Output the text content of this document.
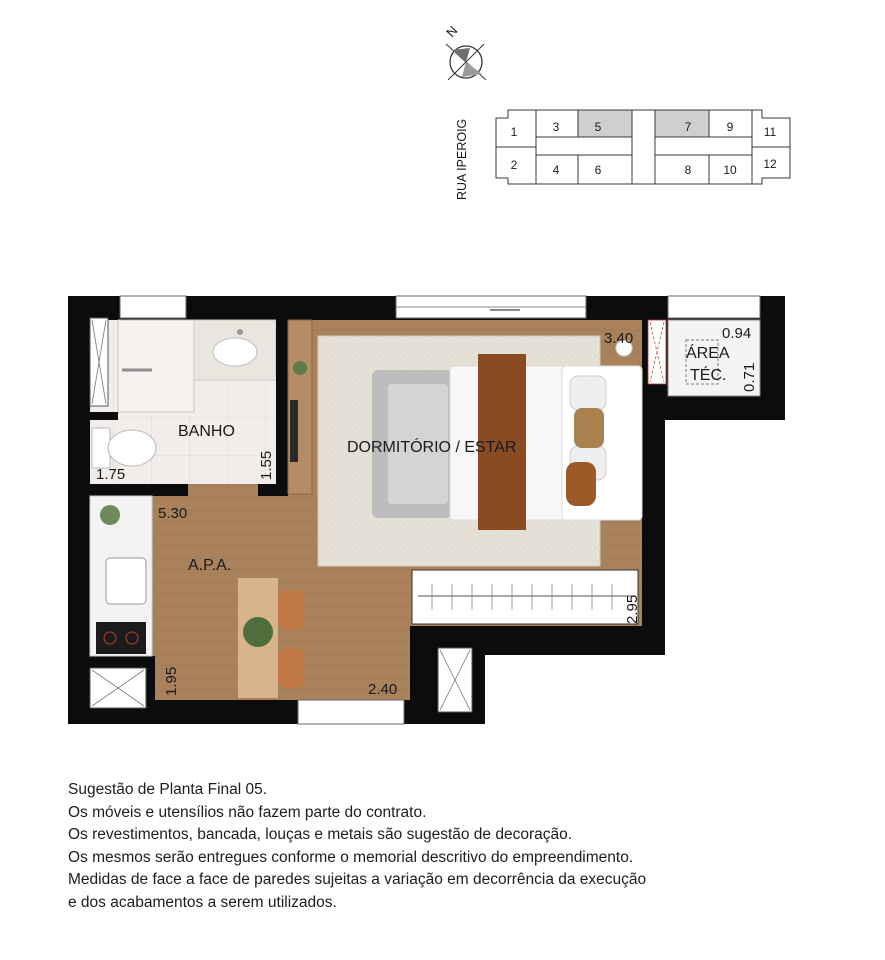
N
RUA IPEROIG	1
2
3
4
5
6
7
8
9
10
11
12
BANHO
DORMITÓRIO / ESTAR
A.P.A.
ÁREA
TÉC.
1.75	1.55
3.40
2.95
5.30
1.95	2.40
0.94
0.71
Sugestão de Planta Final 05.
Os móveis e utensílios não fazem parte do contrato.
Os revestimentos, bancada, louças e metais são sugestão de decoração.
Os mesmos serão entregues conforme o memorial descritivo do empreendimento.
Medidas de face a face de paredes sujeitas a variação em decorrência da execução
e dos acabamentos a serem utilizados.
